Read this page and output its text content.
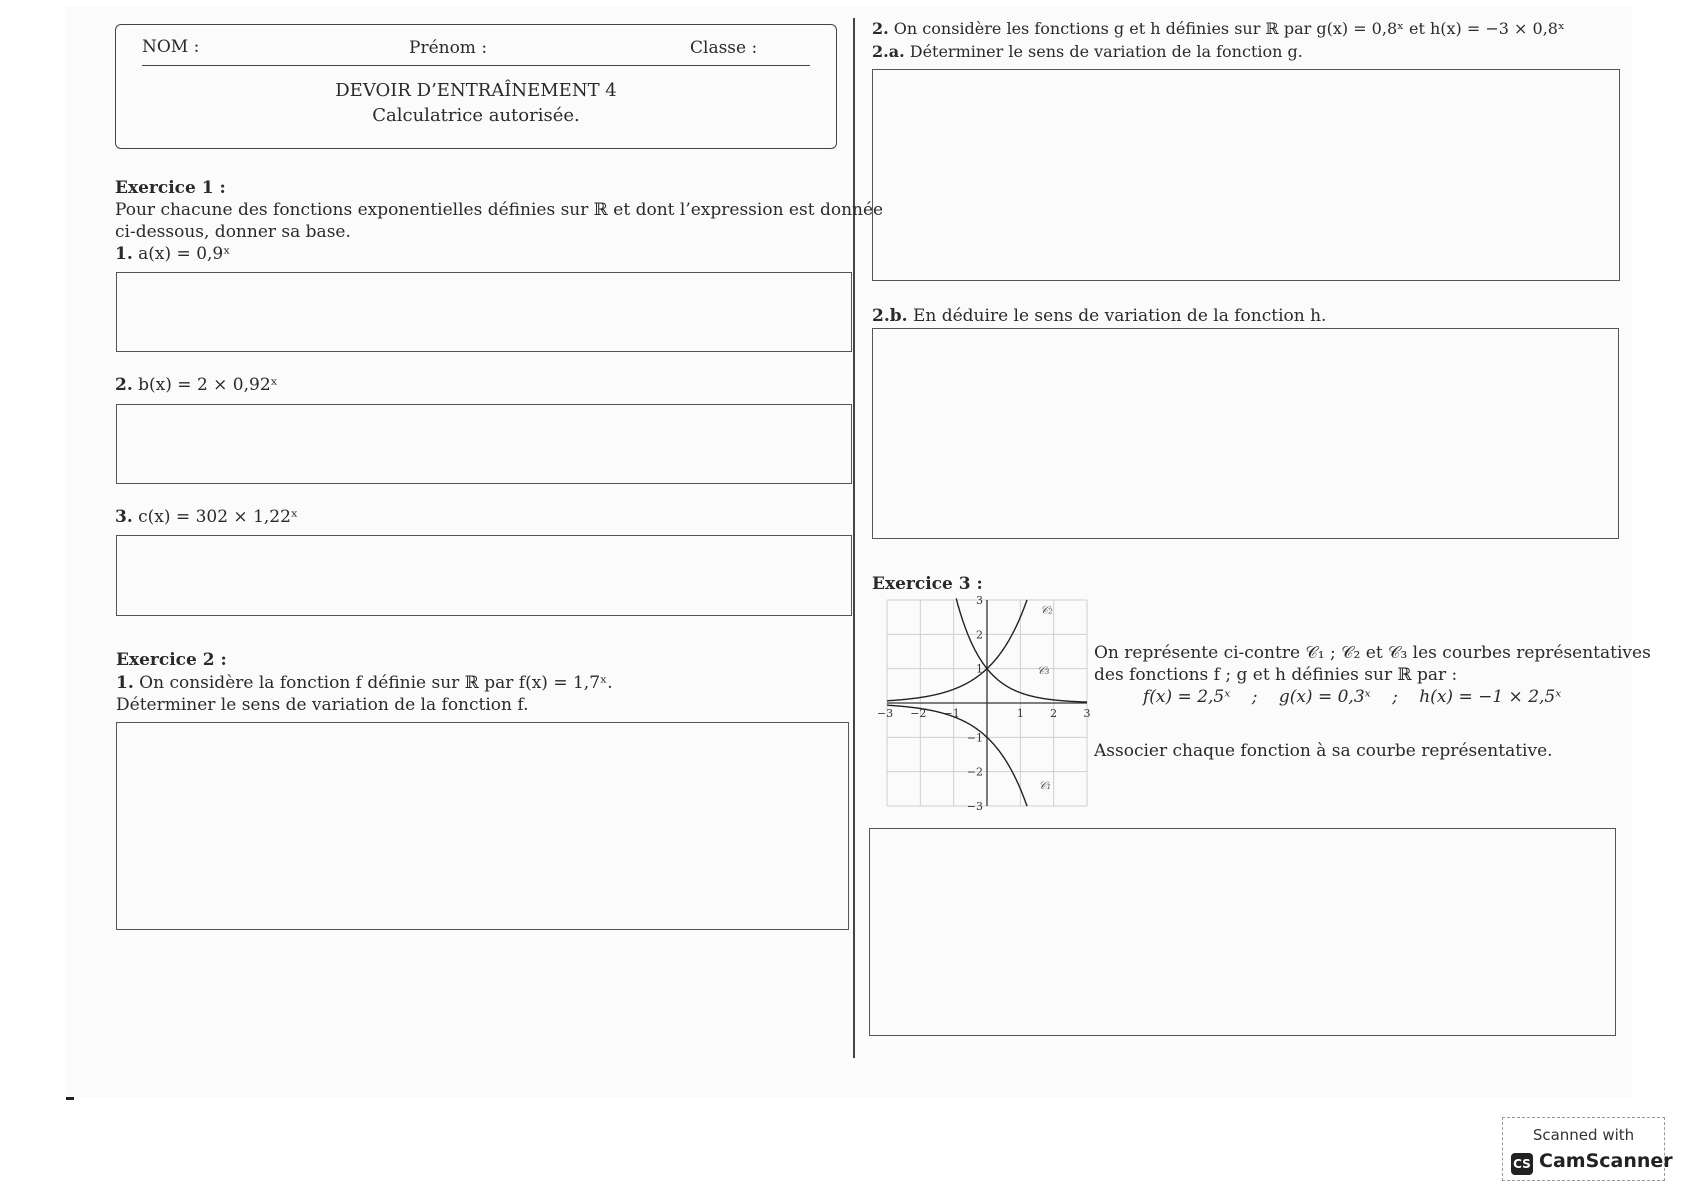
NOM :	Prénom :	Classe :
DEVOIR D’ENTRAÎNEMENT 4
Calculatrice autorisée.
Exercice 1 :
Pour chacune des fonctions exponentielles définies sur ℝ et dont l’expression est donnée
ci-dessous, donner sa base.
1. a(x) = 0,9ˣ
2. b(x) = 2 × 0,92ˣ
3. c(x) = 302 × 1,22ˣ
Exercice 2 :
1. On considère la fonction f définie sur ℝ par f(x) = 1,7ˣ.
Déterminer le sens de variation de la fonction f.
2. On considère les fonctions g et h définies sur ℝ par g(x) = 0,8ˣ et h(x) = −3 × 0,8ˣ
2.a. Déterminer le sens de variation de la fonction g.
2.b. En déduire le sens de variation de la fonction h.
Exercice 3 :
−3 −2 −1	1 2 3
3
2
1
−1
−2
−3
𝒞₂
𝒞₃
𝒞₁
On représente ci-contre 𝒞₁ ; 𝒞₂ et 𝒞₃ les courbes représentatives
des fonctions f ; g et h définies sur ℝ par :
f(x) = 2,5ˣ ; g(x) = 0,3ˣ ; h(x) = −1 × 2,5ˣ
Associer chaque fonction à sa courbe représentative.
Scanned with
CS CamScanner
